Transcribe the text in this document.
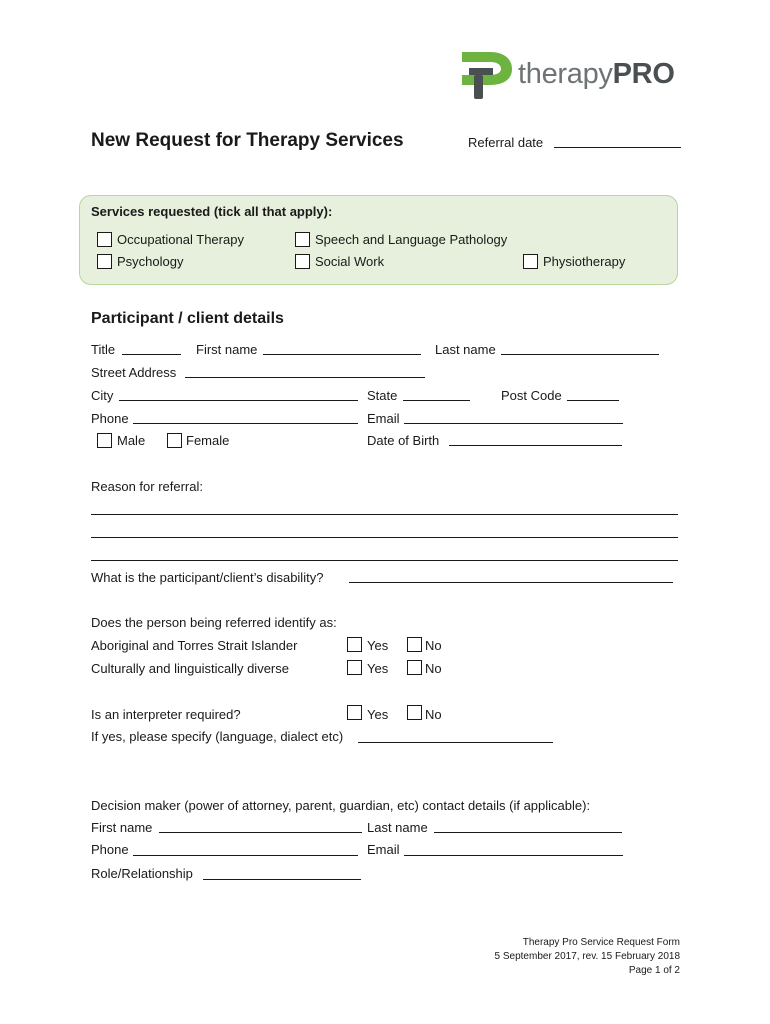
therapyPRO
New Request for Therapy Services	Referral date
Services requested (tick all that apply):
Occupational Therapy	Speech and Language Pathology
Psychology	Social Work	Physiotherapy
Participant / client details
Title	First name	Last name
Street Address
City	State	Post Code
Phone	Email
Male	Female	Date of Birth
Reason for referral:
What is the participant/client’s disability?
Does the person being referred identify as:
Aboriginal and Torres Strait Islander	Yes	No
Culturally and linguistically diverse	Yes	No
Is an interpreter required?	Yes	No
If yes, please specify (language, dialect etc)
Decision maker (power of attorney, parent, guardian, etc) contact details (if applicable):
First name	Last name
Phone	Email
Role/Relationship
Therapy Pro Service Request Form
5 September 2017, rev. 15 February 2018
Page 1 of 2
